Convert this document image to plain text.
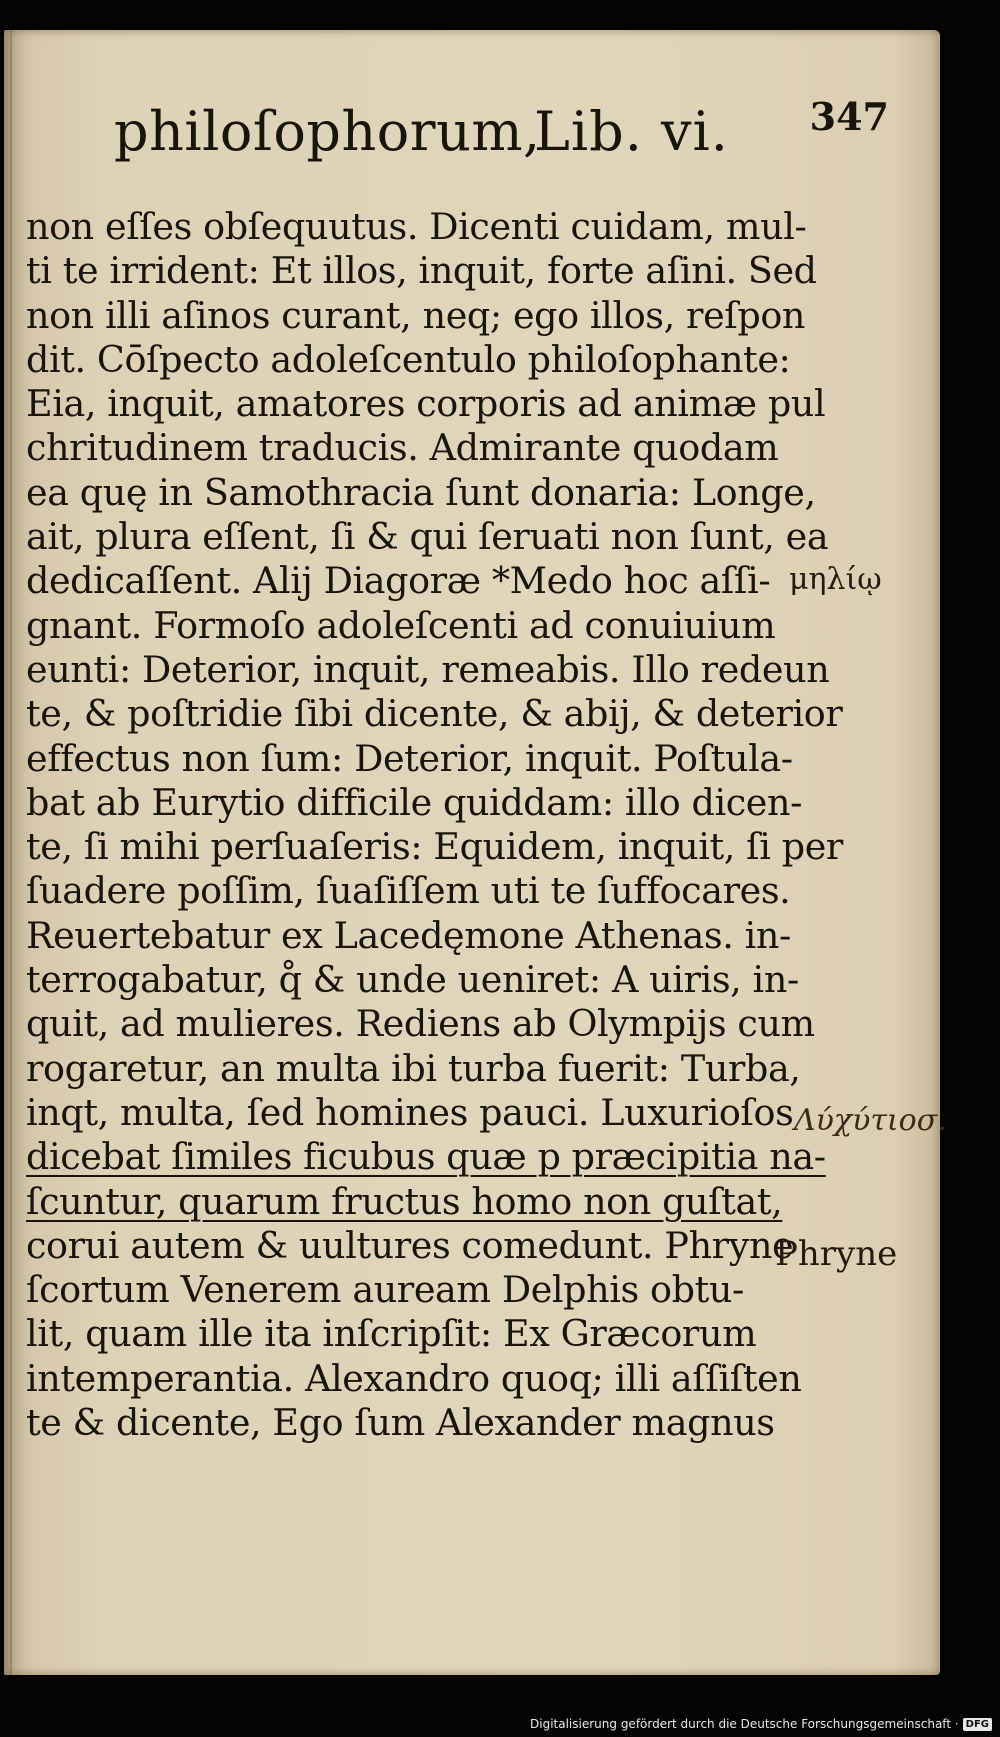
philoſophorum,
Lib. vi. 347
non eſſes obſequutus. Dicenti cuidam, mul-
ti te irrident: Et illos, inquit, forte aſini. Sed
non illi aſinos curant, neq; ego illos, reſpon
dit. Cōſpecto adoleſcentulo philoſophante:
Eia, inquit, amatores corporis ad animæ pul
chritudinem traducis. Admirante quodam
ea quę in Samothracia ſunt donaria: Longe,
ait, plura eſſent, ſi & qui ſeruati non ſunt, ea
dedicaſſent. Alij Diagoræ *Medo hoc aſſi-
gnant. Formoſo adoleſcenti ad conuiuium
eunti: Deterior, inquit, remeabis. Illo redeun
te, & poſtridie ſibi dicente, & abij, & deterior
effectus non ſum: Deterior, inquit. Poſtula-
bat ab Eurytio difficile quiddam: illo dicen-
te, ſi mihi perſuaſeris: Equidem, inquit, ſi per
ſuadere poſſim, ſuaſiſſem uti te ſuffocares.
Reuertebatur ex Lacedęmone Athenas. in-
terrogabatur, q̊ & unde ueniret: A uiris, in-
quit, ad mulieres. Rediens ab Olympijs cum
rogaretur, an multa ibi turba fuerit: Turba,
inqt, multa, ſed homines pauci. Luxurioſos
dicebat ſimiles ficubus quæ p præcipitia na-
ſcuntur, quarum fructus homo non guſtat,
corui autem & uultures comedunt. Phryne
ſcortum Venerem auream Delphis obtu-
lit, quam ille ita inſcripſit: Ex Græcorum
intemperantia. Alexandro quoq; illi aſſiſten
te & dicente, Ego ſum Alexander magnus
μηλίῳ
Λύχύτιοσ.
Phryne
Digitalisierung gefördert durch die Deutsche Forschungsgemeinschaft · DFG
